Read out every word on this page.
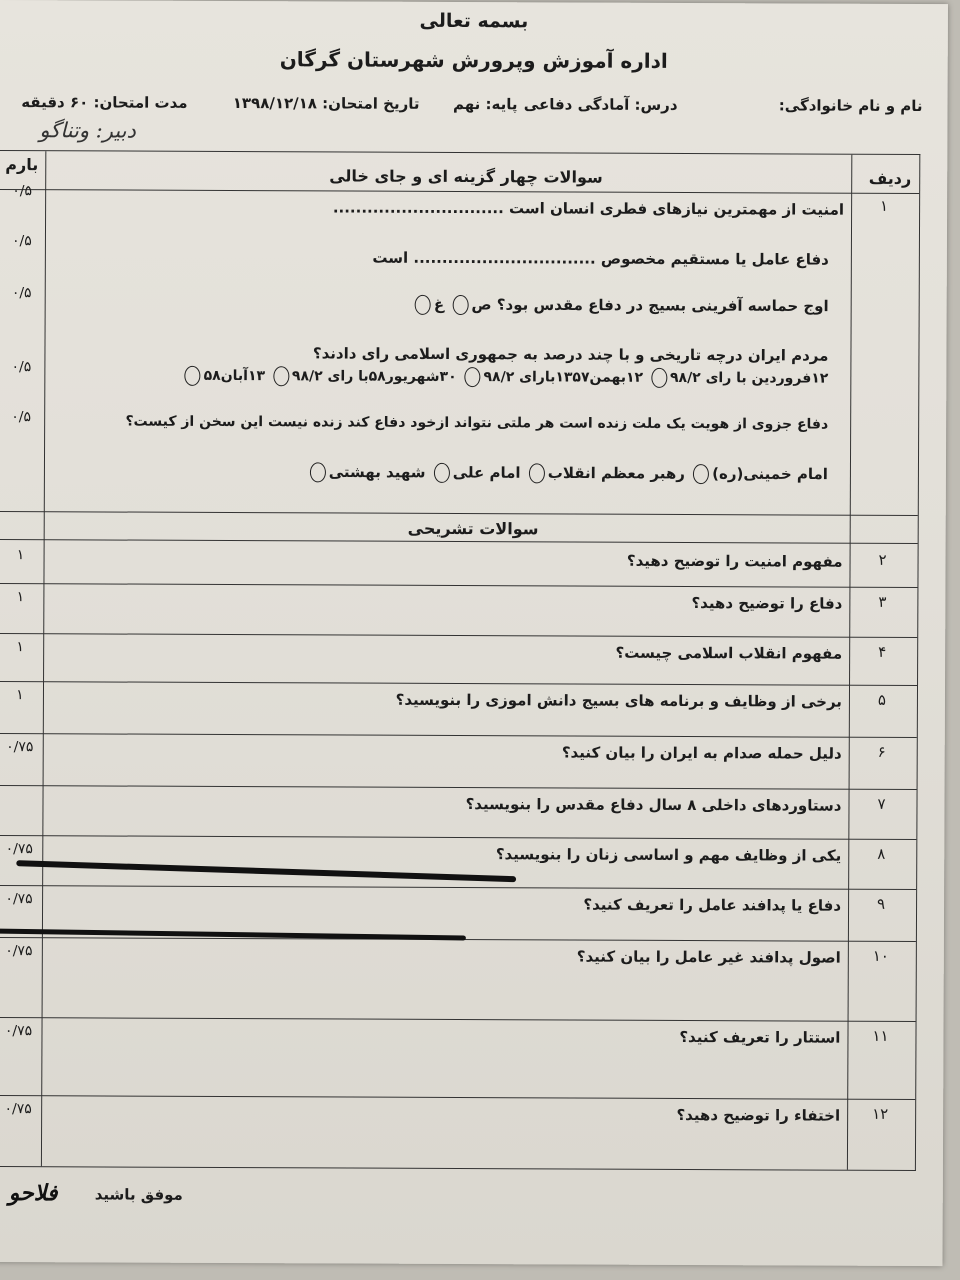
بسمه تعالی
اداره آموزش وپرورش شهرستان گرگان
نام و نام خانوادگی:
درس: آمادگی دفاعی
پایه: نهم
تاریخ امتحان: ۱۳۹۸/۱۲/۱۸
مدت امتحان: ۶۰ دقیقه
دبیر: وتناگو
ردیف
بارم
سوالات چهار گزینه ای و جای خالی
۱
امنیت از مهمترین نیازهای فطری انسان است ..............................
دفاع عامل یا مستقیم مخصوص ................................ است
اوج حماسه آفرینی بسیج در دفاع مقدس بود؟ ص غ
مردم ایران درچه تاریخی و با چند درصد به جمهوری اسلامی رای دادند؟
۱۲فروردین با رای ۹۸/۲ ۱۲بهمن۱۳۵۷بارای ۹۸/۲ ۳۰شهریور۵۸با رای ۹۸/۲ ۱۳آبان۵۸
دفاع جزوی از هویت یک ملت زنده است هر ملتی نتواند ازخود دفاع کند زنده نیست این سخن از کیست؟
امام خمینی(ره) رهبر معظم انقلاب امام علی شهید بهشتی
۰/۵
۰/۵
۰/۵
۰/۵
۰/۵
سوالات تشریحی
۲
مفهوم امنیت را توضیح دهید؟
۱
۳
دفاع را توضیح دهید؟
۱
۴
مفهوم انقلاب اسلامی چیست؟
۱
۵
برخی از وظایف و برنامه های بسیج دانش اموزی را بنویسید؟
۱
۶
دلیل حمله صدام به ایران را بیان کنید؟
۰/۷۵
۷
دستاوردهای داخلی ۸ سال دفاع مقدس را بنویسید؟
۸
یکی از وظایف مهم و اساسی زنان را بنویسید؟
۰/۷۵
۹
دفاع یا پدافند عامل را تعریف کنید؟
۰/۷۵
۱۰
اصول پدافند غیر عامل را بیان کنید؟
۰/۷۵
۱۱
استتار را تعریف کنید؟
۰/۷۵
۱۲
اختفاء را توضیح دهید؟
۰/۷۵
موفق باشید
فلاحو
